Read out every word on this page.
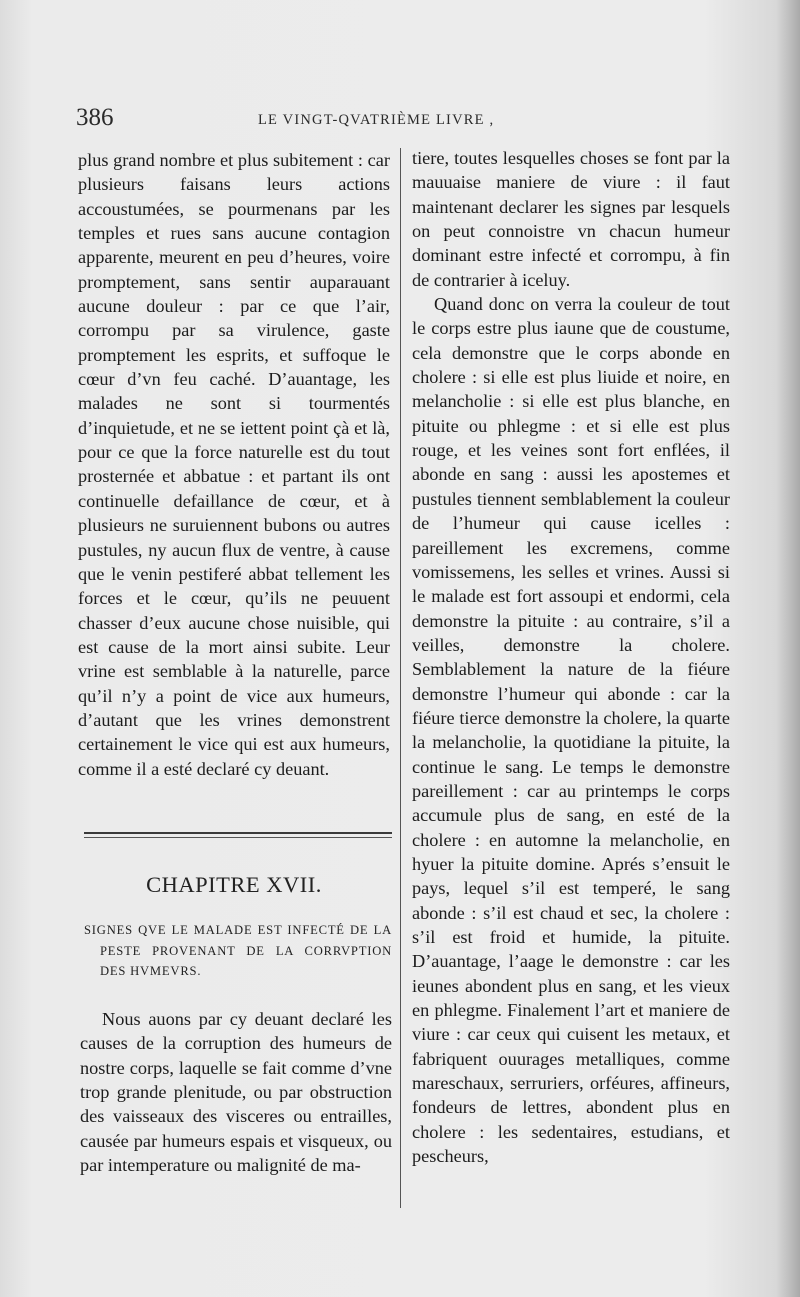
386	LE VINGT-QVATRIÈME LIVRE ,

plus grand nombre et plus subitement : car plusieurs faisans leurs actions accoustumées, se pourmenans par les temples et rues sans aucune contagion apparente, meurent en peu d’heures, voire promptement, sans sentir auparauant aucune douleur : par ce que l’air, corrompu par sa virulence, gaste promptement les esprits, et suffoque le cœur d’vn feu caché. D’auantage, les malades ne sont si tourmentés d’inquietude, et ne se iettent point çà et là, pour ce que la force naturelle est du tout prosternée et abbatue : et partant ils ont continuelle defaillance de cœur, et à plusieurs ne suruiennent bubons ou autres pustules, ny aucun flux de ventre, à cause que le venin pestiferé abbat tellement les forces et le cœur, qu’ils ne peuuent chasser d’eux aucune chose nuisible, qui est cause de la mort ainsi subite. Leur vrine est semblable à la naturelle, parce qu’il n’y a point de vice aux humeurs, d’autant que les vrines demonstrent certainement le vice qui est aux humeurs, comme il a esté declaré cy deuant.

CHAPITRE XVII.
SIGNES QVE LE MALADE EST INFECTÉ DE LA PESTE PROVENANT DE LA CORRVPTION DES HVMEVRS.

Nous auons par cy deuant declaré les causes de la corruption des humeurs de nostre corps, laquelle se fait comme d’vne trop grande plenitude, ou par obstruction des vaisseaux des visceres ou entrailles, causée par humeurs espais et visqueux, ou par intemperature ou malignité de ma-

tiere, toutes lesquelles choses se font par la mauuaise maniere de viure : il faut maintenant declarer les signes par lesquels on peut connoistre vn chacun humeur dominant estre infecté et corrompu, à fin de contrarier à iceluy.

Quand donc on verra la couleur de tout le corps estre plus iaune que de coustume, cela demonstre que le corps abonde en cholere : si elle est plus liuide et noire, en melancholie : si elle est plus blanche, en pituite ou phlegme : et si elle est plus rouge, et les veines sont fort enflées, il abonde en sang : aussi les apostemes et pustules tiennent semblablement la couleur de l’humeur qui cause icelles : pareillement les excremens, comme vomissemens, les selles et vrines. Aussi si le malade est fort assoupi et endormi, cela demonstre la pituite : au contraire, s’il a veilles, demonstre la cholere. Semblablement la nature de la fiéure demonstre l’humeur qui abonde : car la fiéure tierce demonstre la cholere, la quarte la melancholie, la quotidiane la pituite, la continue le sang. Le temps le demonstre pareillement : car au printemps le corps accumule plus de sang, en esté de la cholere : en automne la melancholie, en hyuer la pituite domine. Aprés s’ensuit le pays, lequel s’il est temperé, le sang abonde : s’il est chaud et sec, la cholere : s’il est froid et humide, la pituite. D’auantage, l’aage le demonstre : car les ieunes abondent plus en sang, et les vieux en phlegme. Finalement l’art et maniere de viure : car ceux qui cuisent les metaux, et fabriquent ouurages metalliques, comme mareschaux, serruriers, orféures, affineurs, fondeurs de lettres, abondent plus en cholere : les sedentaires, estudians, et pescheurs,
